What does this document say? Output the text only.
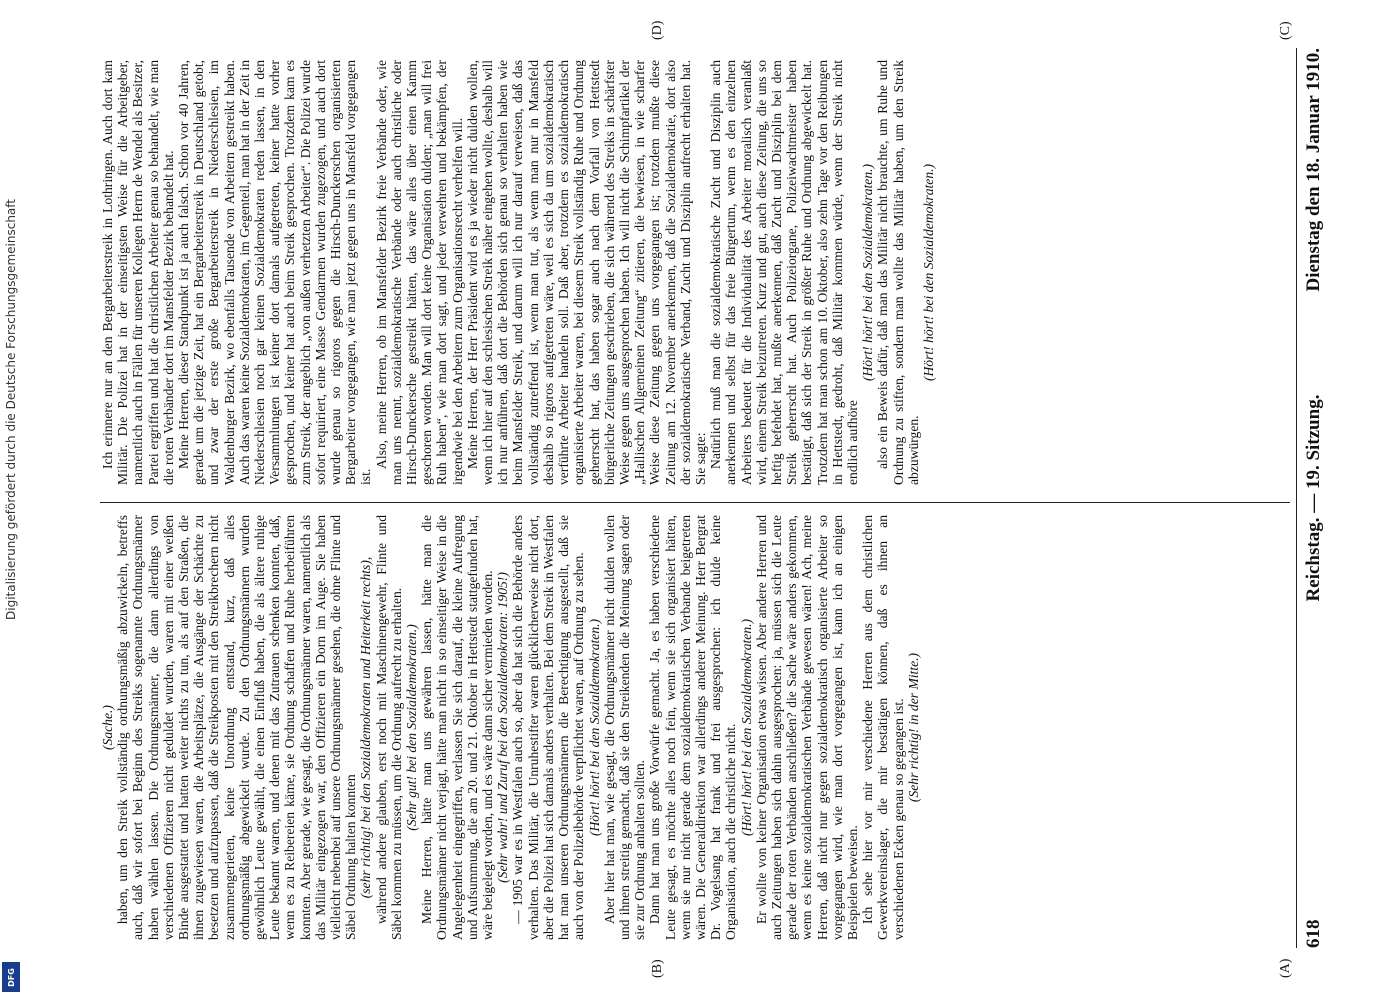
618
Reichstag. — 19. Sitzung.
Dienstag den 18. Januar 1910.
(A)
(B)
(C)
(D)

(Sache.) haben, um den Streik vollständig ordnungsmäßig abzuwickeln, betreffs auch, daß wir sofort bei Beginn des Streiks sogenannte Ordnungsmänner haben wählen lassen. Die Ordnungsmänner, die dann allerdings von verschiedenen Offizieren nicht geduldet wurden, waren mit einer weißen Binde ausgestattet und hatten weiter nichts zu tun, als auf den Straßen, die ihnen zugewiesen waren, die Arbeitsplätze, die Ausgänge der Schächte zu besetzen und aufzupassen, daß die Streikposten mit den Streikbrechern nicht zusammengerieten, keine Unordnung entstand, kurz, daß alles ordnungsmäßig abgewickelt wurde. Zu den Ordnungsmännern wurden gewöhnlich Leute gewählt, die einen Einfluß haben, die als ältere ruhige Leute bekannt waren, und denen mit das Zutrauen schenken konnten, daß, wenn es zu Reibereien käme, sie Ordnung schaffen und Ruhe herbeiführen konnten. Aber gerade, wie gesagt, die Ordnungsmänner waren, namentlich als das Militär eingezogen war, den Offizieren ein Dorn im Auge. Sie haben vielleicht nebenbei auf unsere Ordnungsmänner gesehen, die ohne Flinte und Säbel Ordnung halten konnten (sehr richtig! bei den Sozialdemokraten und Heiterkeit rechts), während andere glauben, erst noch mit Maschinengewehr, Flinte und Säbel kommen zu müssen, um die Ordnung aufrecht zu erhalten. (Sehr gut! bei den Sozialdemokraten.) Meine Herren, hätte man uns gewähren lassen, hätte man die Ordnungsmänner nicht verjagt, hätte man nicht in so einseitiger Weise in die Angelegenheit eingegriffen, verlassen Sie sich darauf, die kleine Aufregung und Aufsummung, die am 20. und 21. Oktober in Hettstedt stattgefunden hat, wäre beigelegt worden, und es wäre dann sicher vermieden worden. (Sehr wahr! und Zuruf bei den Sozialdemokraten: 1905!) — 1905 war es in Westfalen auch so, aber da hat sich die Behörde anders verhalten. Das Militär, die Unruhestifter waren glücklicherweise nicht dort, aber die Polizei hat sich damals anders verhalten. Bei dem Streik in Westfalen hat man unseren Ordnungsmännern die Berechtigung ausgestellt, daß sie auch von der Polizeibehörde verpflichtet waren, auf Ordnung zu sehen. (Hört! hört! bei den Sozialdemokraten.) Aber hier hat man, wie gesagt, die Ordnungsmänner nicht dulden wollen und ihnen streitig gemacht, daß sie den Streikenden die Meinung sagen oder sie zur Ordnung anhalten sollten. Dann hat man uns große Vorwürfe gemacht. Ja, es haben verschiedene Leute gesagt, es möchte alles noch fein, wenn sie sich organisiert hätten, wenn sie nur nicht gerade dem sozialdemokratischen Verbande beigetreten wären. Die Generaldirektion war allerdings anderer Meinung. Herr Bergrat Dr. Vogelsang hat frank und frei ausgesprochen: ich dulde keine Organisation, auch die christliche nicht. (Hört! hört! bei den Sozialdemokraten.) Er wollte von keiner Organisation etwas wissen. Aber andere Herren und auch Zeitungen haben sich dahin ausgesprochen: ja, müssen sich die Leute gerade der roten Verbänden anschließen? die Sache wäre anders gekommen, wenn es keine sozialdemokratischen Verbände gewesen wären! Ach, meine Herren, daß nicht nur gegen sozialdemokratisch organisierte Arbeiter so vorgegangen wird, wie man dort vorgegangen ist, kann ich an einigen Beispielen beweisen. Ich sehe hier vor mir verschiedene Herren aus dem christlichen Gewerkvereinslager, die mir bestätigen können, daß es ihnen an verschiedenen Ecken genau so gegangen ist. (Sehr richtig! in der Mitte.)

Ich erinnere nur an den Bergarbeiterstreik in Lothringen. Auch dort kam Militär. Die Polizei hat in der einseitigsten Weise für die Arbeitgeber, namentlich auch in Fällen für unseren Kollegen Herrn de Wendel als Besitzer, Partei ergriffen und hat die christlichen Arbeiter genau so behandelt, wie man die roten Verbänder dort im Mansfelder Bezirk behandelt hat. Meine Herren, dieser Standpunkt ist ja auch falsch. Schon vor 40 Jahren, gerade um die jetzige Zeit, hat ein Bergarbeiterstreik in Deutschland getobt, und zwar der erste große Bergarbeiterstreik in Niederschlesien, im Waldenburger Bezirk, wo ebenfalls Tausende von Arbeitern gestreikt haben. Auch das waren keine Sozialdemokraten, im Gegenteil, man hat in der Zeit in Niederschlesien noch gar keinen Sozialdemokraten reden lassen, in den Versammlungen ist keiner dort damals aufgetreten, keiner hatte vorher gesprochen, und keiner hat auch beim Streik gesprochen. Trotzdem kam es zum Streik, der angeblich „von außen verhetzten Arbeiter“. Die Polizei wurde sofort requiriert, eine Masse Gendarmen wurden zugezogen, und auch dort wurde genau so rigoros gegen die Hirsch-Dunckerschen organisierten Bergarbeiter vorgegangen, wie man jetzt gegen uns in Mansfeld vorgegangen ist.

Also, meine Herren, ob im Mansfelder Bezirk freie Verbände oder, wie man uns nennt, sozialdemokratische Verbände oder auch christliche oder Hirsch-Dunckersche gestreikt hätten, das wäre alles über einen Kamm geschoren worden. Man will dort keine Organisation dulden; „man will frei Ruh haben“, wie man dort sagt, und jeder verwehren und bekämpfen, der irgendwie bei den Arbeitern zum Organisationsrecht verhelfen will. Meine Herren, der Herr Präsident wird es ja wieder nicht dulden wollen, wenn ich hier auf den schlesischen Streik näher eingehen wollte, deshalb will ich nur anführen, daß dort die Behörden sich genau so verhalten haben wie beim Mansfelder Streik, und darum will ich nur darauf verweisen, daß das vollständig zutreffend ist, wenn man tut, als wenn man nur in Mansfeld deshalb so rigoros aufgetreten wäre, weil es sich da um sozialdemokratisch verführte Arbeiter handeln soll. Daß aber, trotzdem es sozialdemokratisch organisierte Arbeiter waren, bei diesem Streik vollständig Ruhe und Ordnung geherrscht hat, das haben sogar auch nach dem Vorfall von Hettstedt bürgerliche Zeitungen geschrieben, die sich während des Streiks in schärfster Weise gegen uns ausgesprochen haben. Ich will nicht die Schimpfartikel der „Hallischen Allgemeinen Zeitung“ zitieren, die bewiesen, in wie scharfer Weise diese Zeitung gegen uns vorgegangen ist; trotzdem mußte diese Zeitung am 12. November anerkennen, daß die Sozialdemokratie, dort also der sozialdemokratische Verband, Zucht und Disziplin aufrecht erhalten hat. Sie sagte: Natürlich muß man die sozialdemokratische Zucht und Disziplin auch anerkennen und selbst für das freie Bürgertum, wenn es den einzelnen Arbeiters bedeutet für die Individualität des Arbeiter moralisch veranlaßt wird, einem Streik beizutreten. Kurz und gut, auch diese Zeitung, die uns so heftig befehdet hat, mußte anerkennen, daß Zucht und Disziplin bei dem Streik geherrscht hat. Auch Polizeiorgane, Polizeiwachtmeister haben bestätigt, daß sich der Streik in größter Ruhe und Ordnung abgewickelt hat. Trotzdem hat man schon am 10. Oktober, also zehn Tage vor den Reibungen in Hettstedt, gedroht, daß Militär kommen würde, wenn der Streik nicht endlich aufhöre

(Hört! hört! bei den Sozialdemokraten.) also ein Beweis dafür, daß man das Militär nicht brauchte, um Ruhe und Ordnung zu stiften, sondern man wollte das Militär haben, um den Streik abzuwürgen.

(Hört! hört! bei den Sozialdemokraten.)

Digitalisierung gefördert durch die Deutsche Forschungsgemeinschaft
DFG
